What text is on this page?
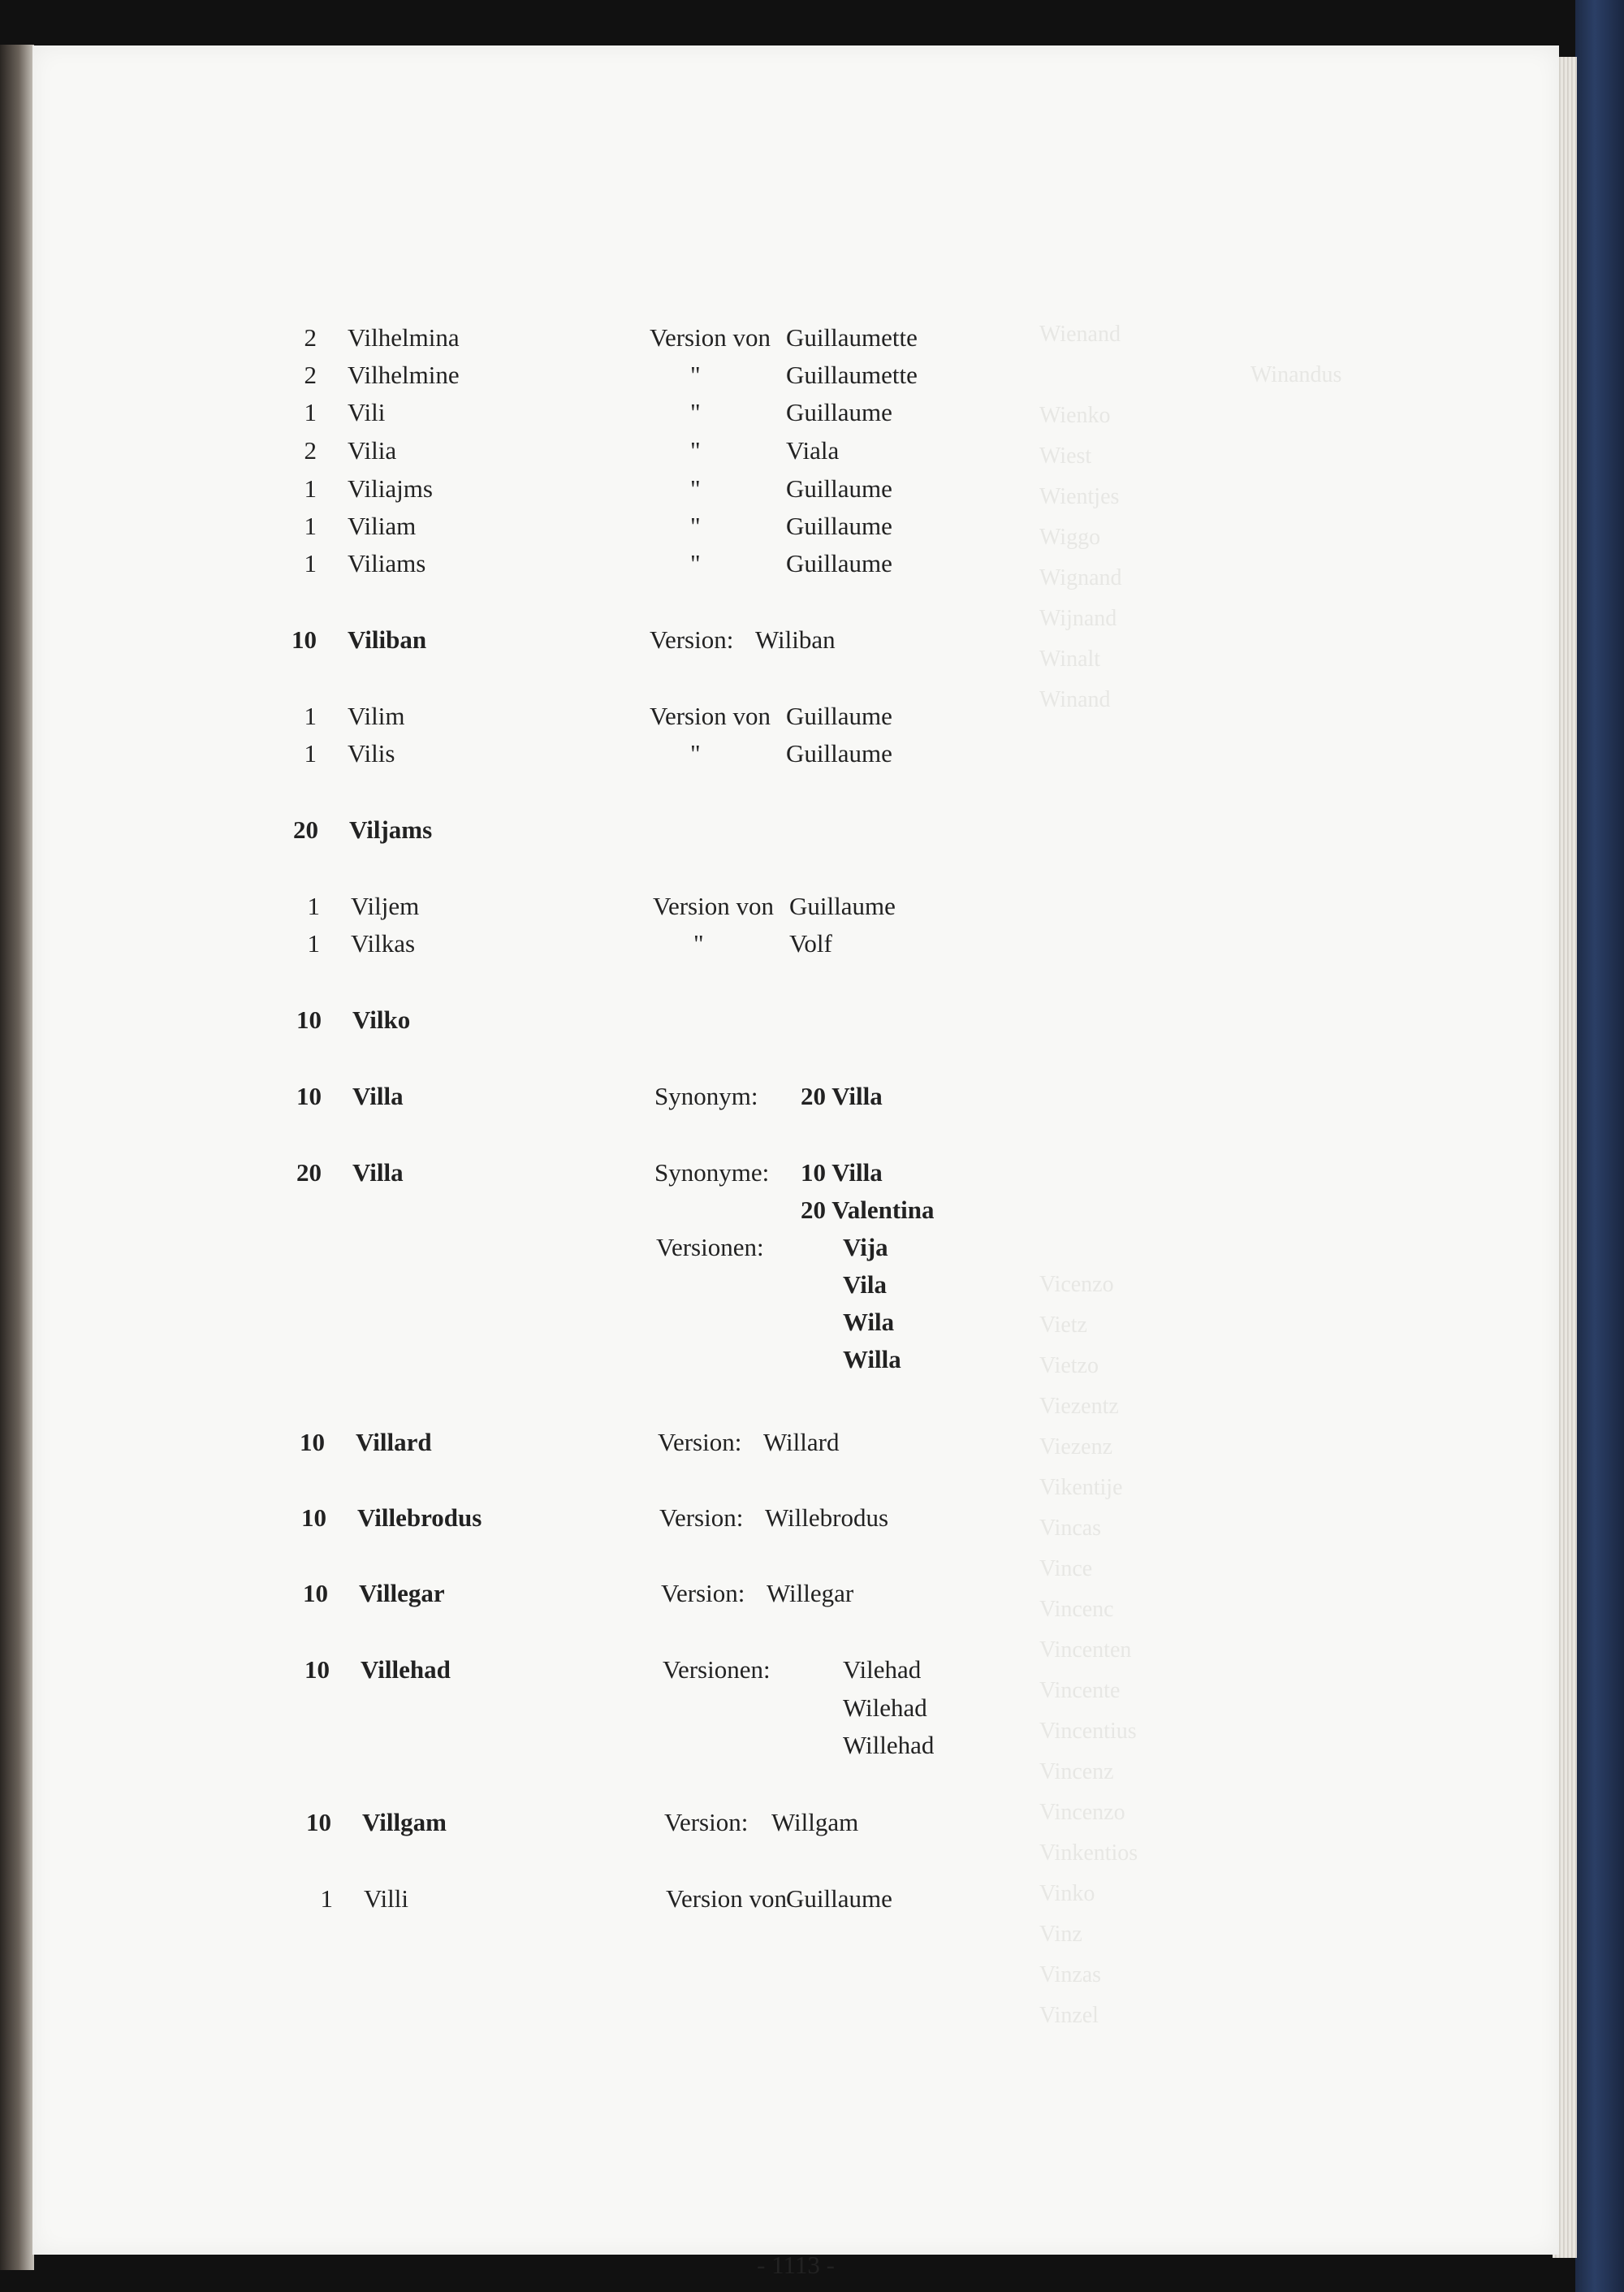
Wienand
Winandus
Wienko
Wiest
Wientjes
Wiggo
Wignand
Wijnand
Winalt
Winand
Vicenzo
Vietz
Vietzo
Viezentz
Viezenz
Vikentije
Vincas
Vince
Vincenc
Vincenten
Vincente
Vincentius
Vincenz
Vincenzo
Vinkentios
Vinko
Vinz
Vinzas
Vinzel
2 Vilhelmina	Version von Guillaumette
2 Vilhelmine	"	Guillaumette
1 Vili	"	Guillaume
2 Vilia	"	Viala
1 Viliajms	"	Guillaume
1 Viliam	"	Guillaume
1 Viliams	"	Guillaume
10 Viliban	Version: Wiliban
1 Vilim	Version von Guillaume
1 Vilis	"	Guillaume
20 Viljams
1 Viljem	Version von Guillaume
1 Vilkas	"	Volf
10 Vilko
10 Villa	Synonym: 20 Villa
20 Villa	Synonyme: 10 Villa
20 Valentina
Versionen:	Vija
Vila
Wila
Willa
10 Villard	Version: Willard
10 Villebrodus	Version: Willebrodus
10 Villegar	Version: Willegar
10 Villehad	Versionen:	Vilehad
Wilehad
Willehad
10 Villgam	Version: Willgam
1 Villi	Version von Guillaume
- 1113 -
